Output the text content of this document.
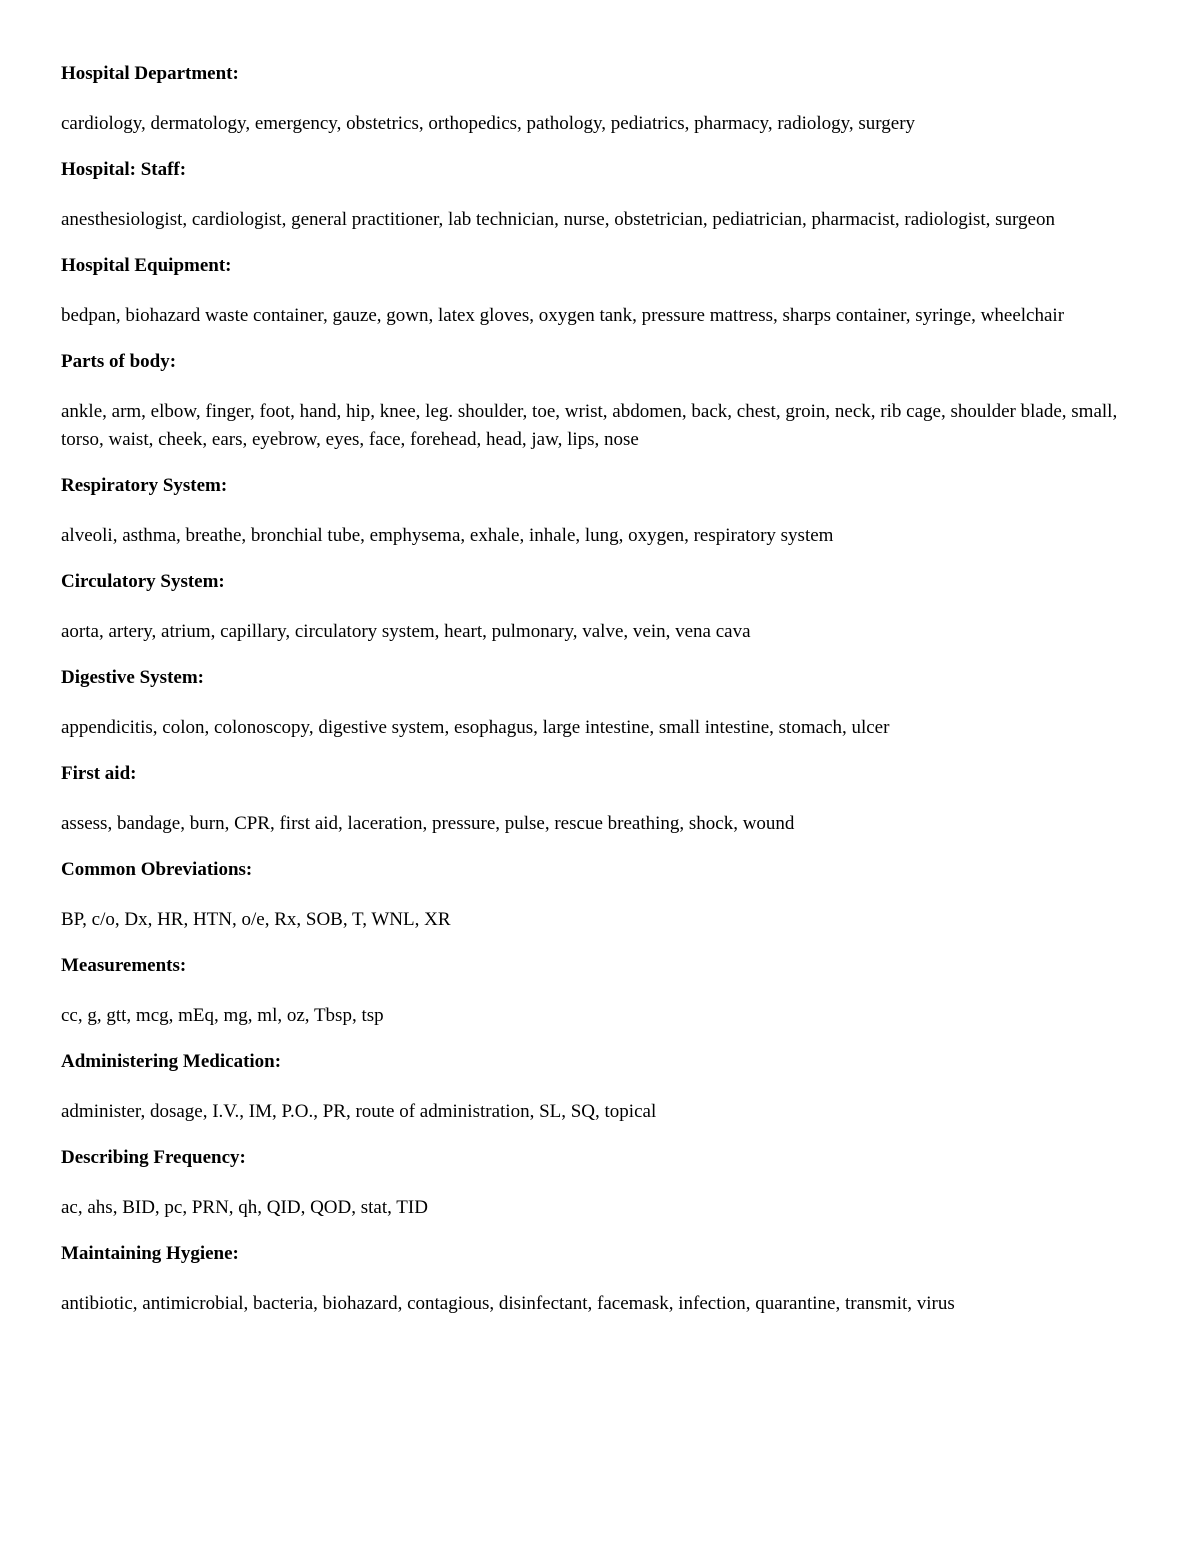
Hospital Department:

cardiology, dermatology, emergency, obstetrics, orthopedics, pathology, pediatrics, pharmacy, radiology, surgery

Hospital: Staff:

anesthesiologist, cardiologist, general practitioner, lab technician, nurse, obstetrician, pediatrician, pharmacist, radiologist, surgeon

Hospital Equipment:

bedpan, biohazard waste container, gauze, gown, latex gloves, oxygen tank, pressure mattress, sharps container, syringe, wheelchair

Parts of body:

ankle, arm, elbow, finger, foot, hand, hip, knee, leg. shoulder, toe, wrist, abdomen, back, chest, groin, neck, rib cage, shoulder blade, small, torso, waist, cheek, ears, eyebrow, eyes, face, forehead, head, jaw, lips, nose

Respiratory System:

alveoli, asthma, breathe, bronchial tube, emphysema, exhale, inhale, lung, oxygen, respiratory system

Circulatory System:

aorta, artery, atrium, capillary, circulatory system, heart, pulmonary, valve, vein, vena cava

Digestive System:

appendicitis, colon, colonoscopy, digestive system, esophagus, large intestine, small intestine, stomach, ulcer

First aid:

assess, bandage, burn, CPR, first aid, laceration, pressure, pulse, rescue breathing, shock, wound

Common Obreviations:

BP, c/o, Dx, HR, HTN, o/e, Rx, SOB, T, WNL, XR

Measurements:

cc, g, gtt, mcg, mEq, mg, ml, oz, Tbsp, tsp

Administering Medication:

administer, dosage, I.V., IM, P.O., PR, route of administration, SL, SQ, topical

Describing Frequency:

ac, ahs, BID, pc, PRN, qh, QID, QOD, stat, TID

Maintaining Hygiene:

antibiotic, antimicrobial, bacteria, biohazard, contagious, disinfectant, facemask, infection, quarantine, transmit, virus
